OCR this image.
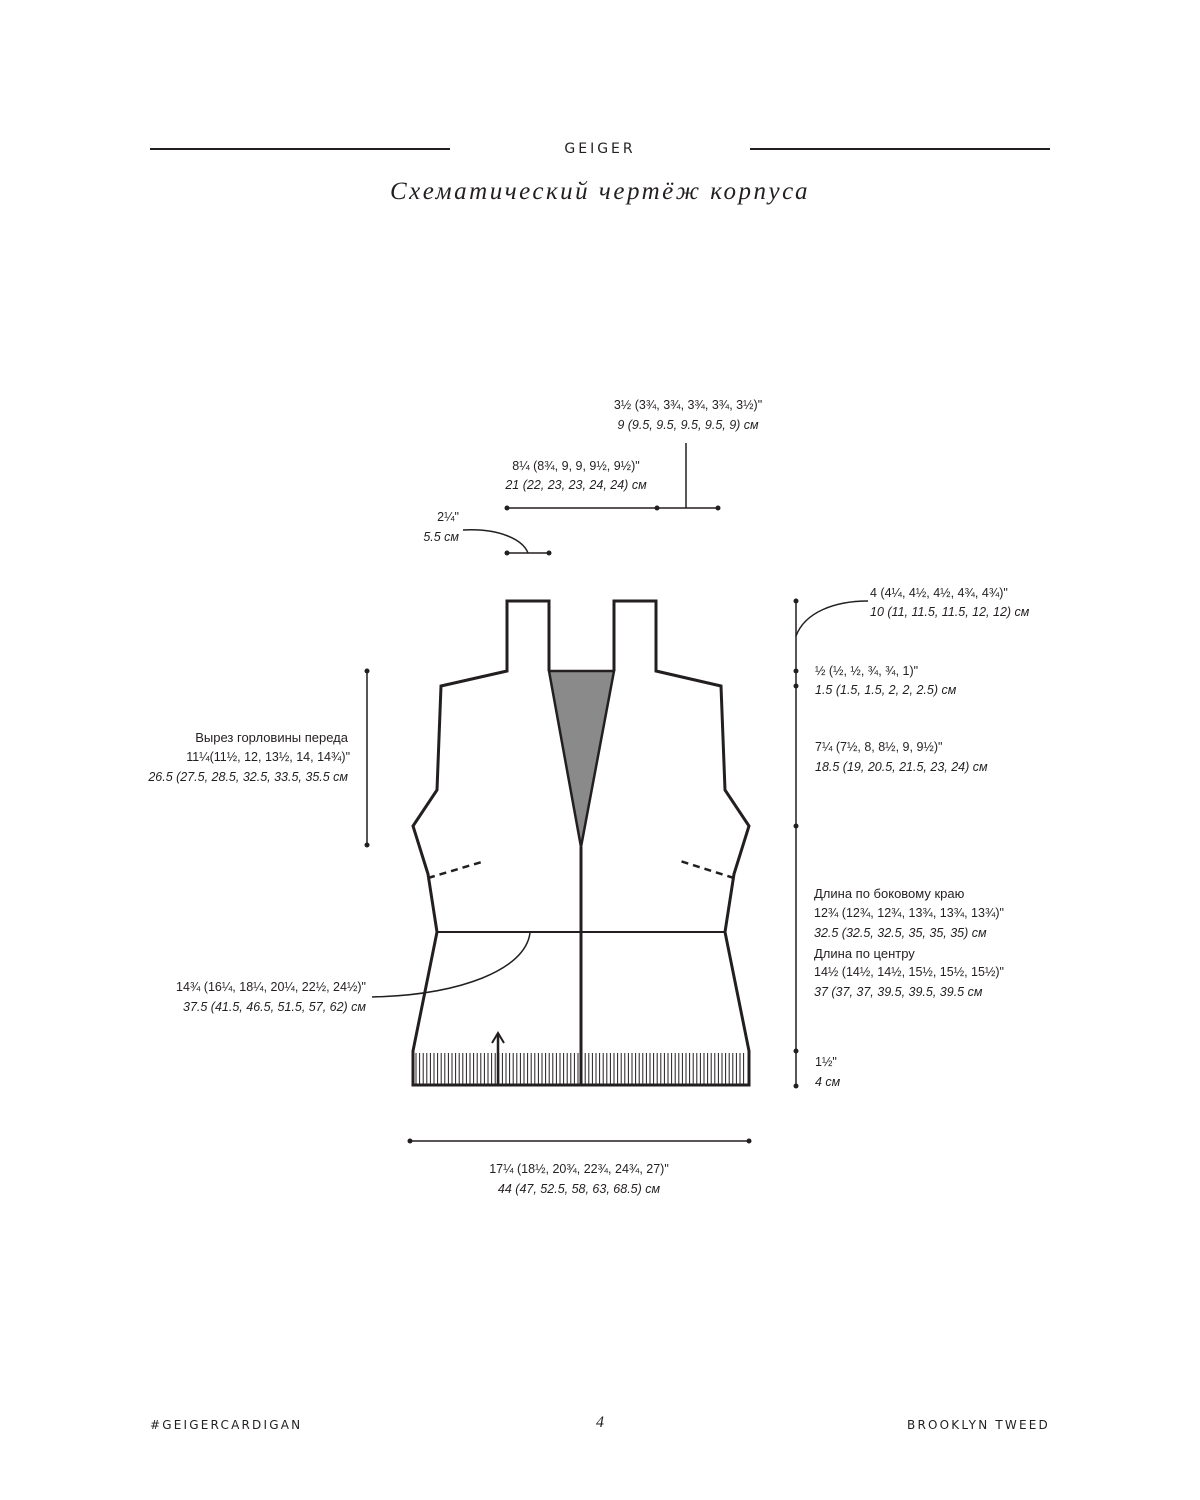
GEIGER
Схематический чертёж корпуса
3½ (3¾, 3¾, 3¾, 3¾, 3½)"
9 (9.5, 9.5, 9.5, 9.5, 9) см
8¼ (8¾, 9, 9, 9½, 9½)"
21 (22, 23, 23, 24, 24) см
2¼"
5.5 см
4 (4¼, 4½, 4½, 4¾, 4¾)"
10 (11, 11.5, 11.5, 12, 12) см
½ (½, ½, ¾, ¾, 1)"
1.5 (1.5, 1.5, 2, 2, 2.5) см
7¼ (7½, 8, 8½, 9, 9½)"
18.5 (19, 20.5, 21.5, 23, 24) см
Вырез горловины переда
11¼(11½, 12, 13½, 14, 14¾)"
26.5 (27.5, 28.5, 32.5, 33.5, 35.5 см
Длина по боковому краю
12¾ (12¾, 12¾, 13¾, 13¾, 13¾)"
32.5 (32.5, 32.5, 35, 35, 35) см
Длина по центру
14½ (14½, 14½, 15½, 15½, 15½)"
37 (37, 37, 39.5, 39.5, 39.5 см
14¾ (16¼, 18¼, 20¼, 22½, 24½)"
37.5 (41.5, 46.5, 51.5, 57, 62) см
1½"
4 см
17¼ (18½, 20¾, 22¾, 24¾, 27)"
44 (47, 52.5, 58, 63, 68.5) см
#GEIGERCARDIGAN	4	BROOKLYN TWEED
